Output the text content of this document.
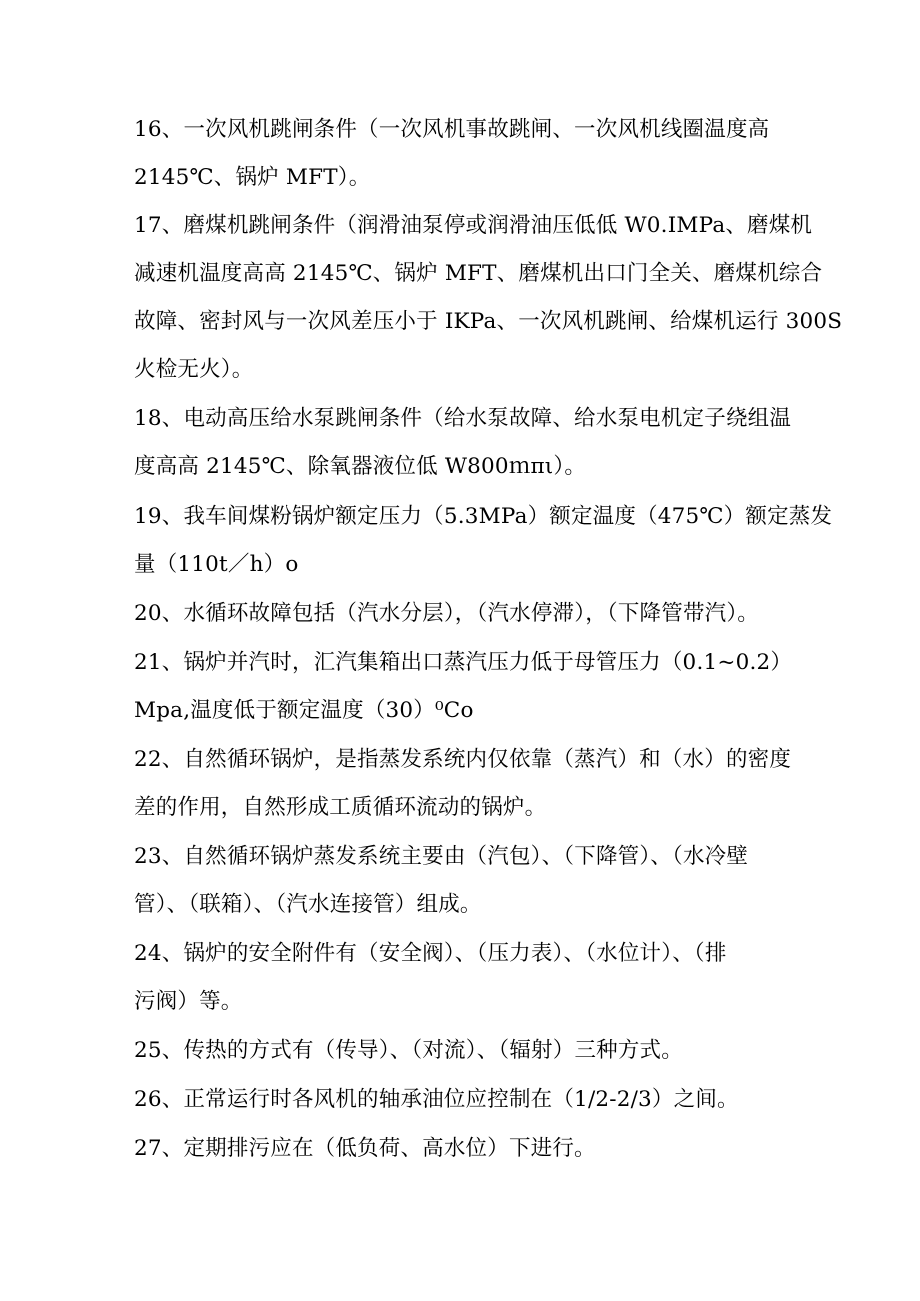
16、一次风机跳闸条件（一次风机事故跳闸、一次风机线圈温度高
2145℃、锅炉 MFT）。
17、磨煤机跳闸条件（润滑油泵停或润滑油压低低 W0.IMPa、磨煤机
减速机温度高高 2145℃、锅炉 MFT、磨煤机出口门全关、磨煤机综合
故障、密封风与一次风差压小于 IKPa、一次风机跳闸、给煤机运行 300S
火检无火）。
18、电动高压给水泵跳闸条件（给水泵故障、给水泵电机定子绕组温
度高高 2145℃、除氧器液位低 W800ｍπι）。
19、我车间煤粉锅炉额定压力（5.3MPa）额定温度（475℃）额定蒸发
量（110t／h）o
20、水循环故障包括（汽水分层），（汽水停滞），（下降管带汽）。
21、锅炉并汽时，汇汽集箱出口蒸汽压力低于母管压力（0.1~0.2）
Mpa,温度低于额定温度（30）⁰Co
22、自然循环锅炉，是指蒸发系统内仅依靠（蒸汽）和（水）的密度
差的作用，自然形成工质循环流动的锅炉。
23、自然循环锅炉蒸发系统主要由（汽包）、（下降管）、（水冷壁
管）、（联箱）、（汽水连接管）组成。
24、锅炉的安全附件有（安全阀）、（压力表）、（水位计）、（排
污阀）等。
25、传热的方式有（传导）、（对流）、（辐射）三种方式。
26、正常运行时各风机的轴承油位应控制在（1/2-2/3）之间。
27、定期排污应在（低负荷、高水位）下进行。
